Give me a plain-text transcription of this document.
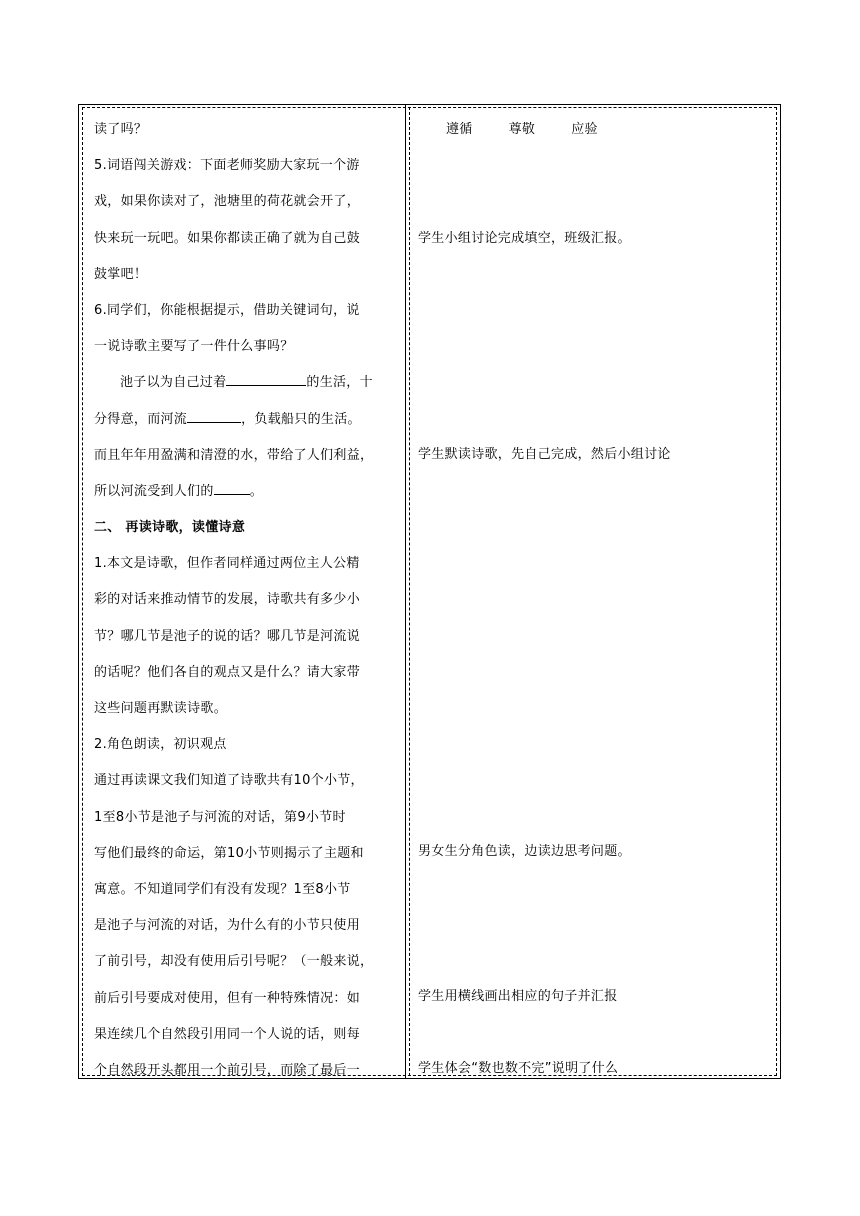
读了吗？
5.词语闯关游戏：下面老师奖励大家玩一个游
戏，如果你读对了，池塘里的荷花就会开了，
快来玩一玩吧。如果你都读正确了就为自己鼓
鼓掌吧！
6.同学们，你能根据提示，借助关键词句，说
一说诗歌主要写了一件什么事吗？
池子以为自己过着	的生活，十
分得意，而河流	，负载船只的生活。
而且年年用盈满和清澄的水，带给了人们利益，
所以河流受到人们的	。
二、 再读诗歌，读懂诗意
1.本文是诗歌，但作者同样通过两位主人公精
彩的对话来推动情节的发展，诗歌共有多少小
节？哪几节是池子的说的话？哪几节是河流说
的话呢？他们各自的观点又是什么？请大家带
这些问题再默读诗歌。
2.角色朗读，初识观点
通过再读课文我们知道了诗歌共有10个小节，
1至8小节是池子与河流的对话，第9小节时
写他们最终的命运，第10小节则揭示了主题和
寓意。不知道同学们有没有发现？1至8小节
是池子与河流的对话，为什么有的小节只使用
了前引号，却没有使用后引号呢？（一般来说，
前后引号要成对使用，但有一种特殊情况：如
果连续几个自然段引用同一个人说的话，则每
个自然段开头都用一个前引号，而除了最后一
遵循	尊敬	应验
学生小组讨论完成填空，班级汇报。
学生默读诗歌，先自己完成，然后小组讨论
男女生分角色读，边读边思考问题。
学生用横线画出相应的句子并汇报
学生体会“数也数不完”说明了什么
